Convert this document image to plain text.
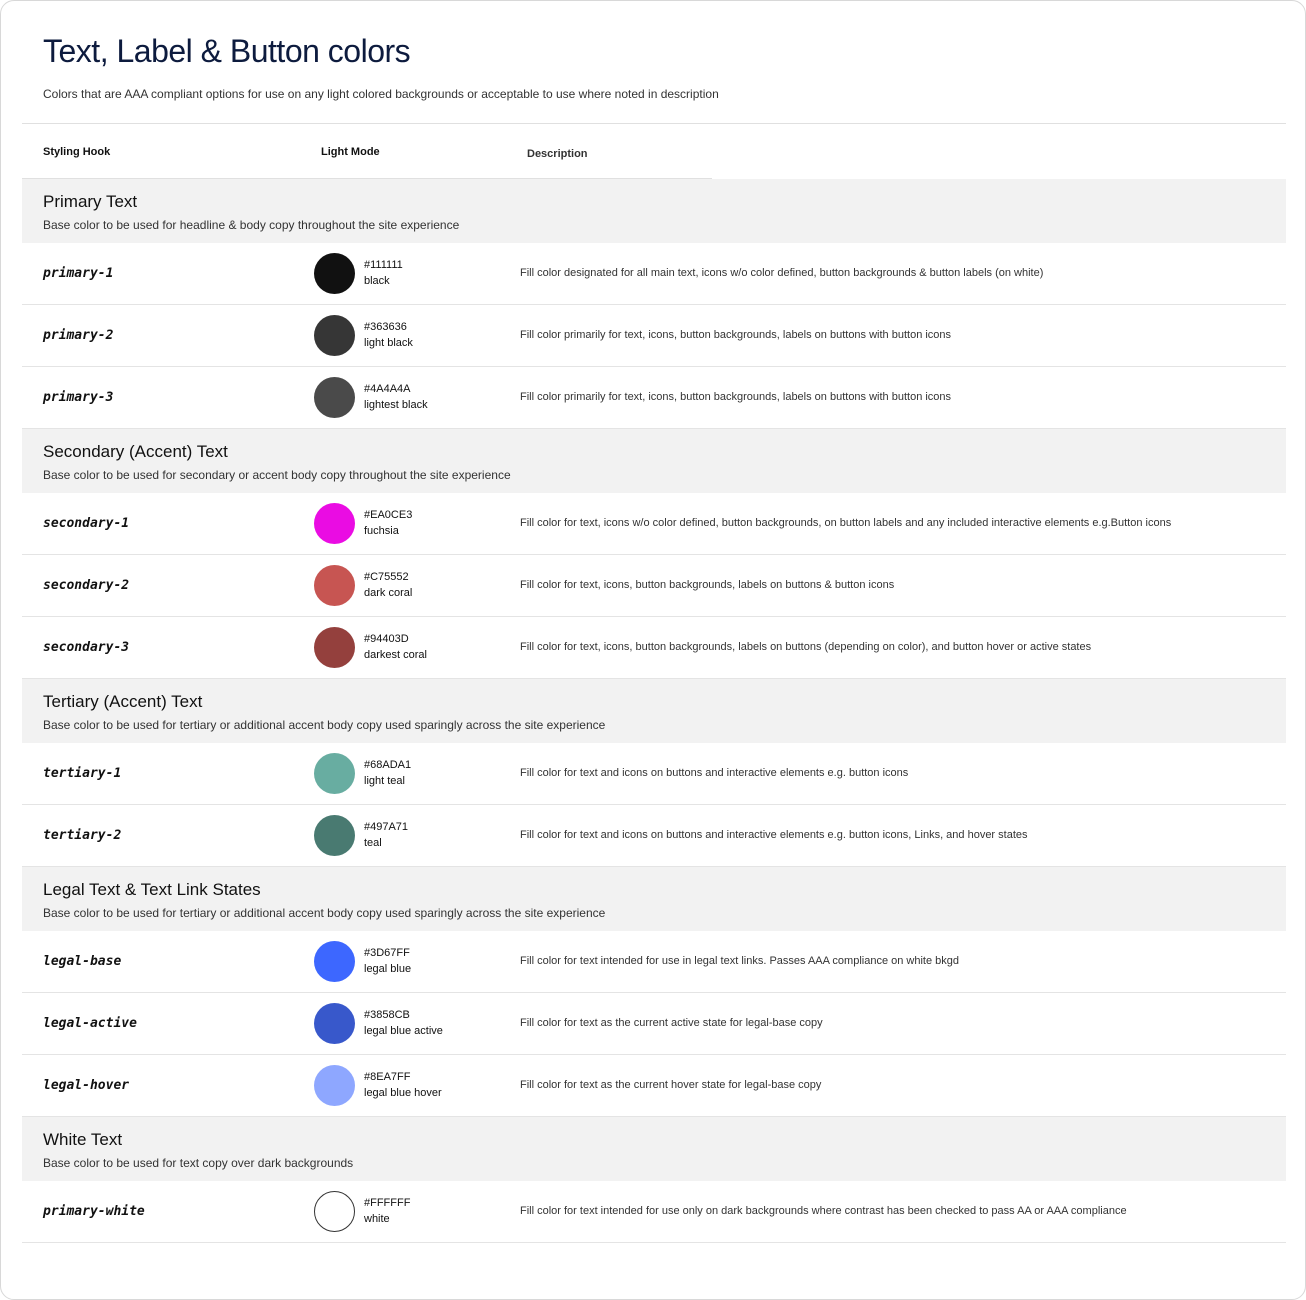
Text, Label & Button colors

Colors that are AAA compliant options for use on any light colored backgrounds or acceptable to use where noted in description

Styling Hook	Light Mode	Description
Primary Text
Base color to be used for headline & body copy throughout the site experience
primary-1
#111111
black
Fill color designated for all main text, icons w/o color defined, button backgrounds & button labels (on white)
primary-2
#363636
light black
Fill color primarily for text, icons, button backgrounds, labels on buttons with button icons
primary-3
#4A4A4A
lightest black
Fill color primarily for text, icons, button backgrounds, labels on buttons with button icons
Secondary (Accent) Text
Base color to be used for secondary or accent body copy throughout the site experience
secondary-1
#EA0CE3
fuchsia
Fill color for text, icons w/o color defined, button backgrounds, on button labels and any included interactive elements e.g.Button icons
secondary-2
#C75552
dark coral
Fill color for text, icons, button backgrounds, labels on buttons & button icons
secondary-3
#94403D
darkest coral
Fill color for text, icons, button backgrounds, labels on buttons (depending on color), and button hover or active states
Tertiary (Accent) Text
Base color to be used for tertiary or additional accent body copy used sparingly across the site experience
tertiary-1
#68ADA1
light teal
Fill color for text and icons on buttons and interactive elements e.g. button icons
tertiary-2
#497A71
teal
Fill color for text and icons on buttons and interactive elements e.g. button icons, Links, and hover states
Legal Text & Text Link States
Base color to be used for tertiary or additional accent body copy used sparingly across the site experience
legal-base
#3D67FF
legal blue
Fill color for text intended for use in legal text links. Passes AAA compliance on white bkgd
legal-active
#3858CB
legal blue active
Fill color for text as the current active state for legal-base copy
legal-hover
#8EA7FF
legal blue hover
Fill color for text as the current hover state for legal-base copy
White Text
Base color to be used for text copy over dark backgrounds
primary-white
#FFFFFF
white
Fill color for text intended for use only on dark backgrounds where contrast has been checked to pass AA or AAA compliance
